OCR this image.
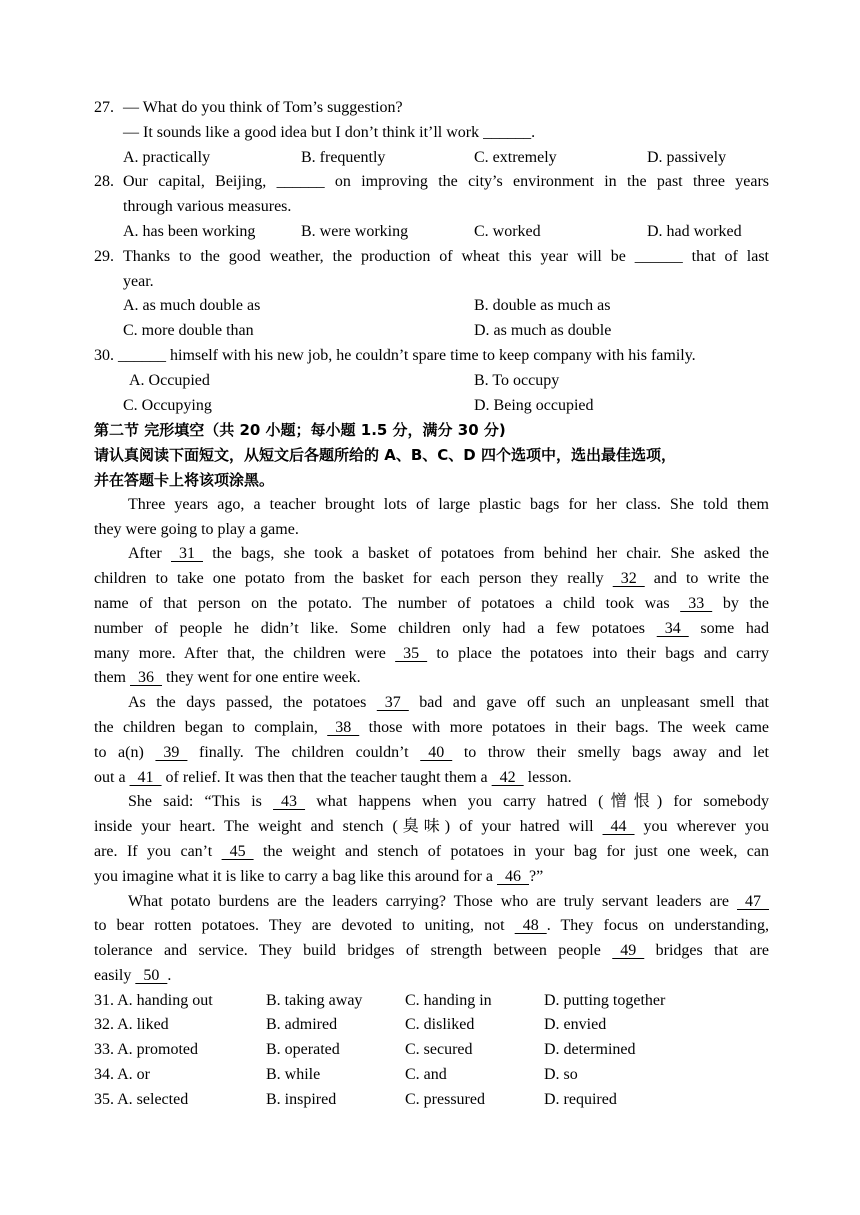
27. — What do you think of Tom’s suggestion?
— It sounds like a good idea but I don’t think it’ll work ______.
A. practically	B. frequently	C. extremely	D. passively
28. Our capital, Beijing, ______ on improving the city’s environment in the past three years
through various measures.
A. has been working	B. were working	C. worked	D. had worked
29. Thanks to the good weather, the production of wheat this year will be ______ that of last
year.
A. as much double as	B. double as much as
C. more double than	D. as much as double
30. ______ himself with his new job, he couldn’t spare time to keep company with his family.
A. Occupied	B. To occupy
C. Occupying	D. Being occupied
第二节 完形填空（共 20 小题；每小题 1.5 分，满分 30 分)
请认真阅读下面短文，从短文后各题所给的 A、B、C、D 四个选项中，选出最佳选项，
并在答题卡上将该项涂黑。
Three years ago, a teacher brought lots of large plastic bags for her class. She told them
they were going to play a game.
After   31   the bags, she took a basket of potatoes from behind her chair. She asked the
children to take one potato from the basket for each person they really   32   and to write the
name of that person on the potato. The number of potatoes a child took was   33   by the
number of people he didn’t like. Some children only had a few potatoes   34   some had
many more. After that, the children were   35   to place the potatoes into their bags and carry
them   36   they went for one entire week.
As the days passed, the potatoes   37   bad and gave off such an unpleasant smell that
the children began to complain,   38   those with more potatoes in their bags. The week came
to a(n)   39   finally. The children couldn’t   40   to throw their smelly bags away and let
out a   41   of relief. It was then that the teacher taught them a   42   lesson.
She said: “This is   43   what happens when you carry hatred (憎恨) for somebody
inside your heart. The weight and stench (臭味) of your hatred will   44   you wherever you
are. If you can’t   45   the weight and stench of potatoes in your bag for just one week, can
you imagine what it is like to carry a bag like this around for a   46  ?”
What potato burdens are the leaders carrying? Those who are truly servant leaders are   47
to bear rotten potatoes. They are devoted to uniting, not   48  . They focus on understanding,
tolerance and service. They build bridges of strength between people   49   bridges that are
easily   50  .
31. A. handing out	B. taking away	C. handing in	D. putting together
32. A. liked	B. admired	C. disliked	D. envied
33. A. promoted	B. operated	C. secured	D. determined
34. A. or	B. while	C. and	D. so
35. A. selected	B. inspired	C. pressured	D. required
